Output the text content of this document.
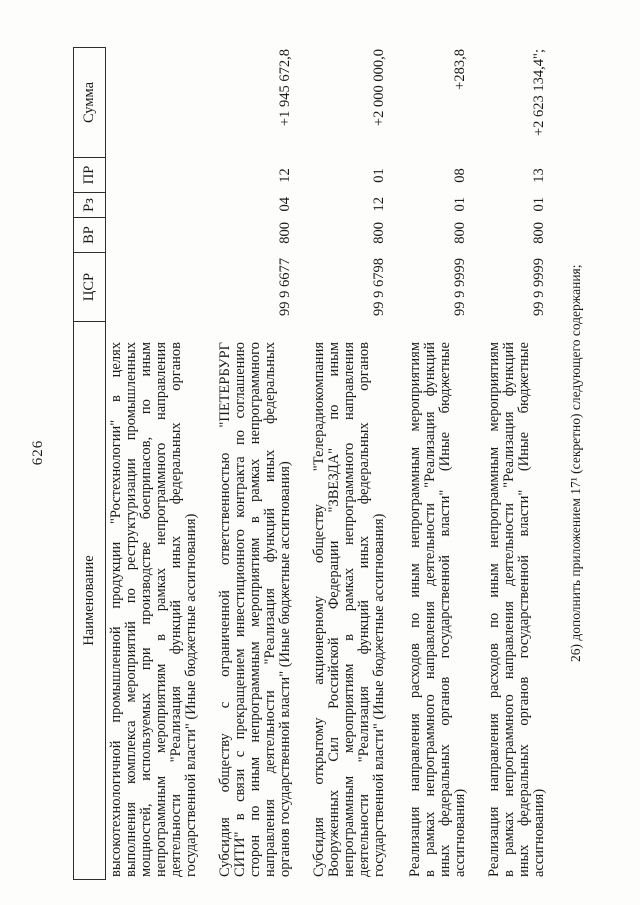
626
Наименование
ЦСР
ВР
Рз
ПР
Сумма
высокотехнологичной промышленной продукции "Ростехнологии" в целях выполнения комплекса мероприятий по реструктуризации промышленных мощностей, используемых при производстве боеприпасов, по иным непрограммным мероприятиям в рамках непрограммного направления деятельности "Реализация функций иных федеральных органов государственной власти" (Иные бюджетные ассигнования) Субсидия обществу с ограниченной ответственностью "ПЕТЕРБУРГ СИТИ" в связи с прекращением инвестиционного контракта по соглашению сторон по иным непрограммным мероприятиям в рамках непрограммного направления деятельности "Реализация функций иных федеральных органов государственной власти" (Иные бюджетные ассигнования)
99 9 6677
800
04
12
+1 945 672,8
Субсидия открытому акционерному обществу "Телерадиокомпания Вооруженных Сил Российской Федерации "ЗВЕЗДА" по иным непрограммным мероприятиям в рамках непрограммного направления деятельности "Реализация функций иных федеральных органов государственной власти" (Иные бюджетные ассигнования)
99 9 6798
800
12
01
+2 000 000,0
Реализация направления расходов по иным непрограммным мероприятиям в рамках непрограммного направления деятельности "Реализация функций иных федеральных органов государственной власти" (Иные бюджетные ассигнования)
99 9 9999
800
01
08
+283,8
Реализация направления расходов по иным непрограммным мероприятиям в рамках непрограммного направления деятельности "Реализация функций иных федеральных органов государственной власти" (Иные бюджетные ассигнования)
99 9 9999
800
01
13
+2 623 134,4";
26) дополнить приложением 17¹ (секретно) следующего содержания;
